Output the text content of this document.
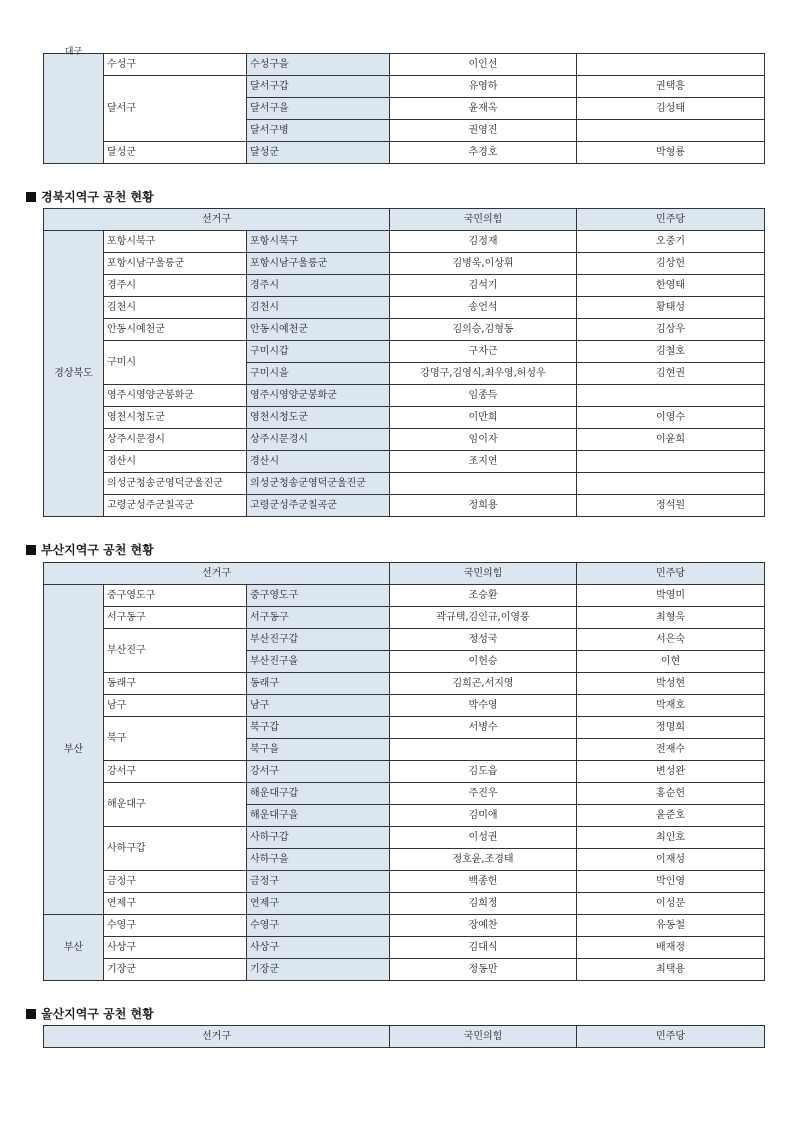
대구	수성구	수성구을	이인선	
	달서구	달서구갑	유영하	권택흥
		달서구을	윤재옥	김성태
		달서구병	권영진	
	달성군	달성군	추경호	박형룡
경북지역구 공천 현황
선거구			국민의힘	민주당
경상북도	포항시북구	포항시북구	김정재	오중기
	포항시남구울릉군	포항시남구울릉군	김병욱,이상휘	김상헌
	경주시	경주시	김석기	한영태
	김천시	김천시	송언석	황태성
	안동시예천군	안동시예천군	김의승,김형동	김상우
	구미시	구미시갑	구자근	김철호
		구미시을	강명구,김영식,최우영,허성우	김현권
	영주시영양군봉화군	영주시영양군봉화군	임종득	
	영천시청도군	영천시청도군	이만희	이영수
	상주시문경시	상주시문경시	임이자	이윤희
	경산시	경산시	조지연	
	의성군청송군영덕군울진군	의성군청송군영덕군울진군		
	고령군성주군칠곡군	고령군성주군칠곡군	정희용	정석원
부산지역구 공천 현황
선거구			국민의힘	민주당
부산	중구영도구	중구영도구	조승환	박영미
	서구동구	서구동구	곽규택,김인규,이영풍	최형욱
	부산진구	부산진구갑	정성국	서은숙
		부산진구을	이헌승	이현
	동래구	동래구	김희곤,서지영	박성현
	남구	남구	박수영	박재호
	북구	북구갑	서병수	정명희
		북구을		전재수
	강서구	강서구	김도읍	변성완
	해운대구	해운대구갑	주진우	홍순헌
		해운대구을	김미애	윤준호
	사하구갑	사하구갑	이성권	최인호
		사하구을	정호윤,조경태	이재성
	금정구	금정구	백종헌	박인영
	연제구	연제구	김희정	이성문
부산	수영구	수영구	장예찬	유동철
	사상구	사상구	김대식	배재정
	기장군	기장군	정동만	최택용
울산지역구 공천 현황
선거구	국민의힘	민주당
